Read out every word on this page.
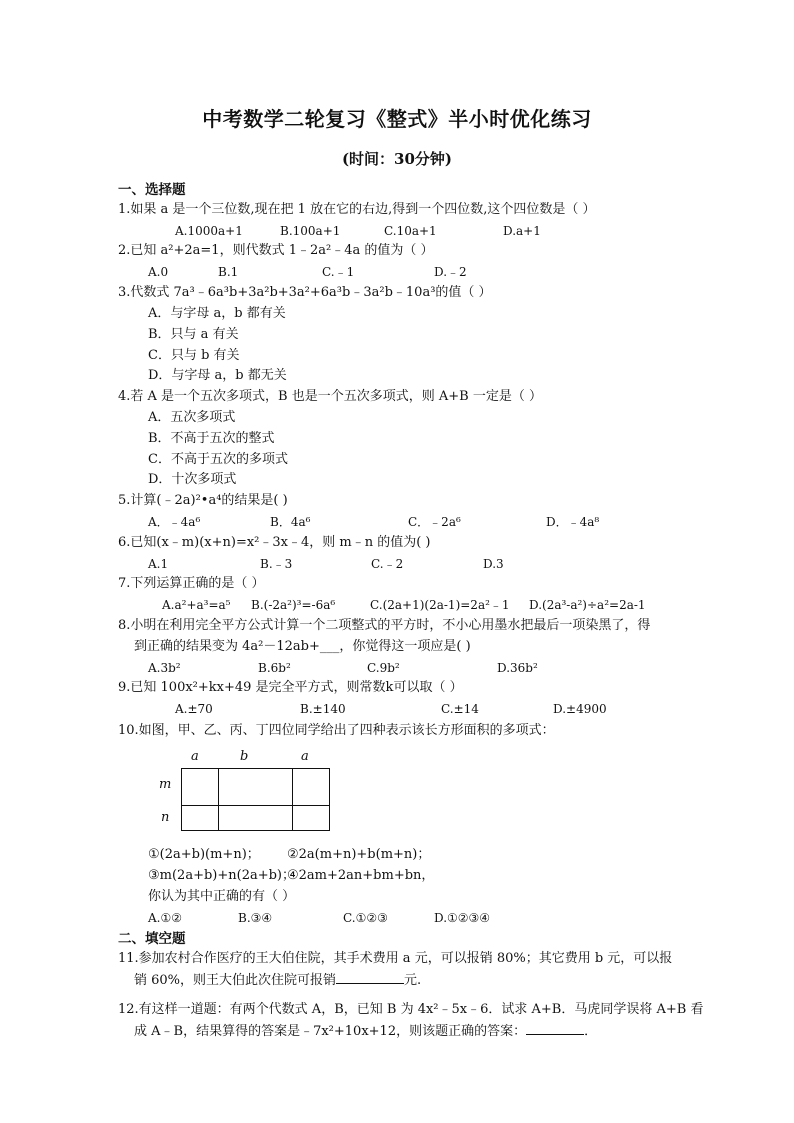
中考数学二轮复习《整式》半小时优化练习
(时间：30分钟)
一、选择题
1.如果 a 是一个三位数,现在把 1 放在它的右边,得到一个四位数,这个四位数是（ ）
A.1000a+1	B.100a+1	C.10a+1	D.a+1
2.已知 a²+2a=1，则代数式 1﹣2a²﹣4a 的值为（ ）
A.0	B.1	C.﹣1	D.﹣2
3.代数式 7a³﹣6a³b+3a²b+3a²+6a³b﹣3a²b﹣10a³的值（ ）
A．与字母 a，b 都有关
B．只与 a 有关
C．只与 b 有关
D．与字母 a，b 都无关
4.若 A 是一个五次多项式，B 也是一个五次多项式，则 A+B 一定是（ ）
A．五次多项式
B．不高于五次的整式
C．不高于五次的多项式
D．十次多项式
5.计算(﹣2a)²•a⁴的结果是( )
A．﹣4a⁶	B．4a⁶	C．﹣2a⁶	D．﹣4a⁸
6.已知(x﹣m)(x+n)=x²﹣3x﹣4，则 m﹣n 的值为( )
A.1	B.﹣3	C.﹣2	D.3
7.下列运算正确的是（ ）
A.a²+a³=a⁵ B.(-2a²)³=-6a⁶	C.(2a+1)(2a-1)=2a²﹣1 D.(2a³-a²)÷a²=2a-1
8.小明在利用完全平方公式计算一个二项整式的平方时，不小心用墨水把最后一项染黑了，得
到正确的结果变为 4a²－12ab+___，你觉得这一项应是( )
A.3b²	B.6b²	C.9b²	D.36b²
9.已知 100x²+kx+49 是完全平方式，则常数k可以取（ ）
A.±70	B.±140	C.±14	D.±4900
10.如图，甲、乙、丙、丁四位同学给出了四种表示该长方形面积的多项式：
a	b	a
m
n
①(2a+b)(m+n)； ②2a(m+n)+b(m+n)；
③m(2a+b)+n(2a+b)；
④2am+2an+bm+bn，
你认为其中正确的有（ ）
A.①②	B.③④	C.①②③	D.①②③④
二、填空题
11.参加农村合作医疗的王大伯住院，其手术费用 a 元，可以报销 80%；其它费用 b 元，可以报
销 60%，则王大伯此次住院可报销	元.
12.有这样一道题：有两个代数式 A，B，已知 B 为 4x²﹣5x﹣6．试求 A+B．马虎同学误将 A+B 看
成 A﹣B，结果算得的答案是﹣7x²+10x+12，则该题正确的答案：	．
